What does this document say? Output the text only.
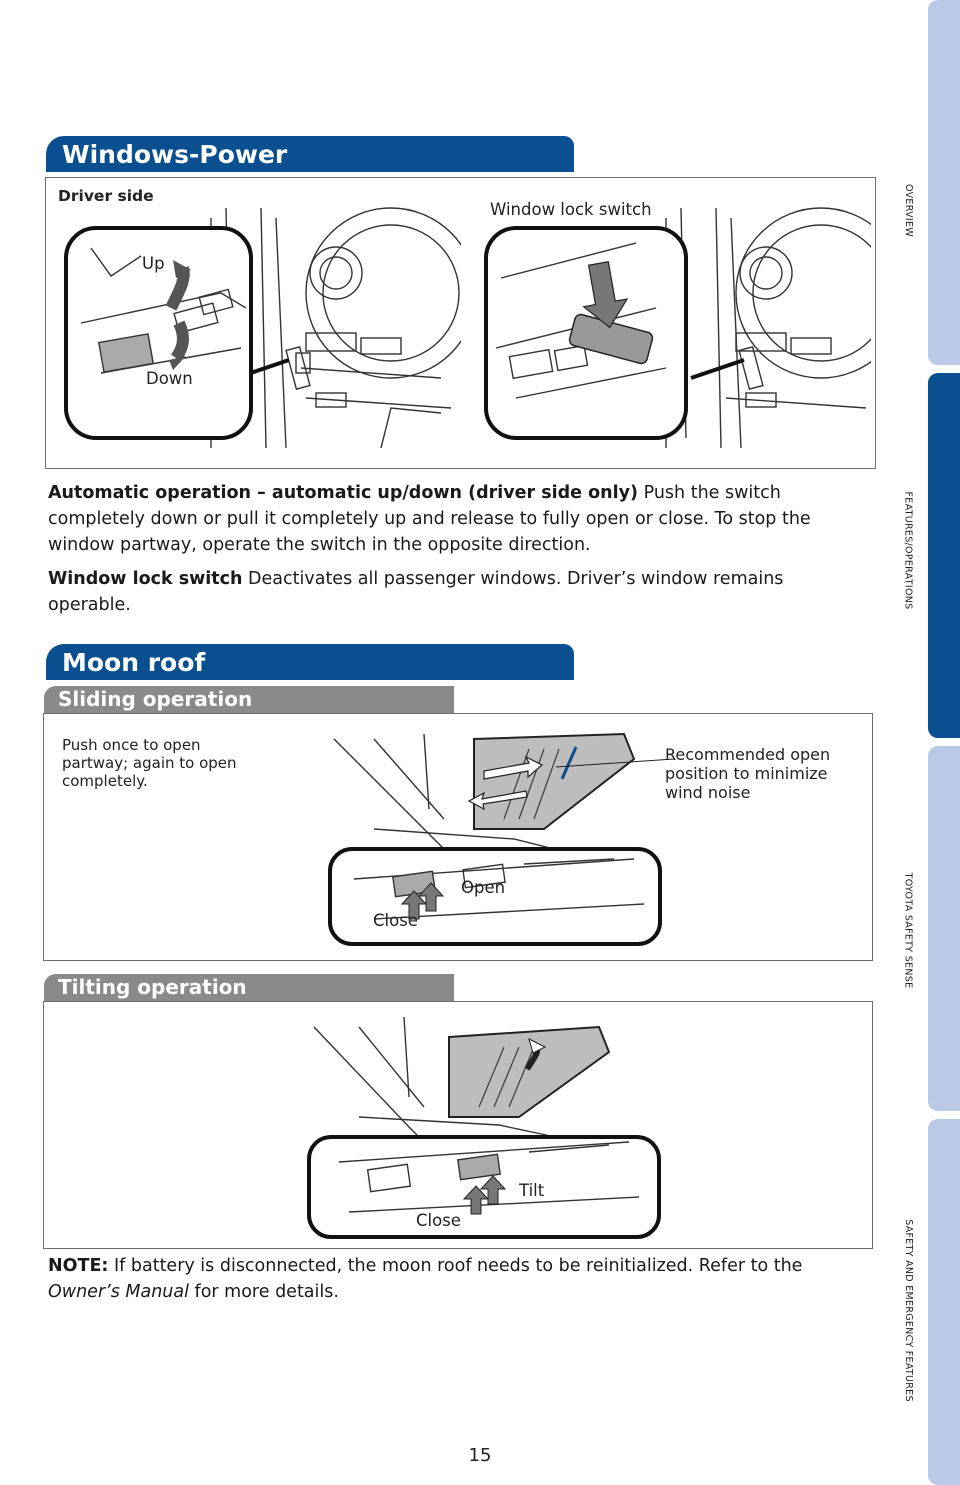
OVERVIEW
FEATURES/OPERATIONS
TOYOTA SAFETY SENSE
SAFETY AND EMERGENCY FEATURES
Windows-Power
Driver side
Window lock switch
Up
Down
Automatic operation – automatic up/down (driver side only) Push the switch completely down or pull it completely up and release to fully open or close. To stop the window partway, operate the switch in the opposite direction.
Window lock switch Deactivates all passenger windows. Driver’s window remains operable.
Moon roof
Sliding operation
Push once to open partway; again to open completely.
Recommended open position to minimize wind noise
Open
Close
Tilting operation
Tilt
Close
NOTE: If battery is disconnected, the moon roof needs to be reinitialized. Refer to the Owner’s Manual for more details.
15
